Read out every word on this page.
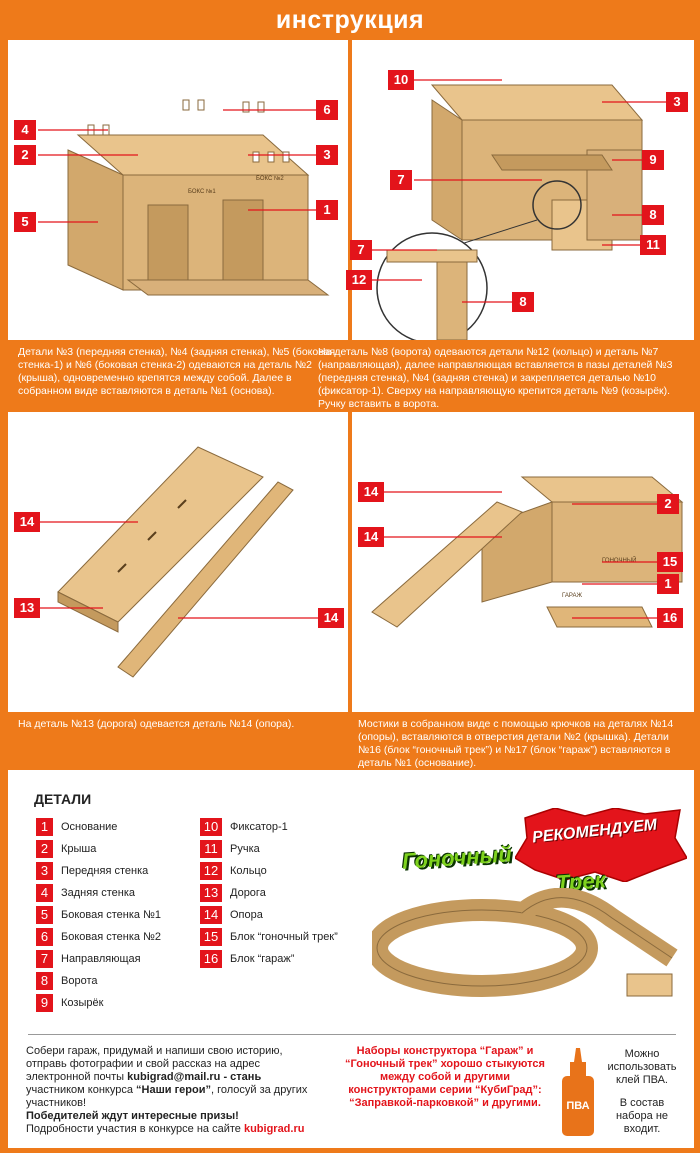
инструкция
БОКС №1
БОКС №2
4
2
5
6
3
1
Детали №3 (передняя стенка), №4 (задняя стенка), №5 (боковая стенка-1) и №6 (боковая стенка-2) одеваются на деталь №2 (крыша), одновременно крепятся между собой. Далее в собранном виде вставляются в деталь №1 (основа).
10
3
7
9
8
11
7
12
8
На деталь №8 (ворота) одеваются детали №12 (кольцо) и деталь №7 (направляющая), далее направляющая вставляется в пазы деталей №3 (передняя стенка), №4 (задняя стенка) и закрепляется деталью №10 (фиксатор-1). Сверху на направляющую крепится деталь №9 (козырёк). Ручку вставить в ворота.
14
13
14
На деталь №13 (дорога) одевается деталь №14 (опора).
ГОНОЧНЫЙ
ГАРАЖ
14
2
14
15
1
16
Мостики в собранном виде с помощью крючков на деталях №14 (опоры), вставляются в отверстия детали №2 (крышка). Детали №16 (блок “гоночный трек”) и №17 (блок “гараж”) вставляются в деталь №1 (основание).
ДЕТАЛИ
1	Основание
2	Крыша
3	Передняя стенка
4	Задняя стенка
5	Боковая стенка №1
6	Боковая стенка №2
7	Направляющая
8	Ворота
9	Козырёк
10	Фиксатор-1
11	Ручка
12	Кольцо
13	Дорога
14	Опора
15	Блок “гоночный трек”
16	Блок “гараж”
РЕКОМЕНДУЕМ
Гоночный
Трек
Собери гараж, придумай и напиши свою историю,
отправь фотографии и свой рассказ на адрес
электронной почты kubigrad@mail.ru - стань
участником конкурса “Наши герои”, голосуй за других
участников!
Победителей ждут интересные призы!
Подробности участия в конкурсе на сайте kubigrad.ru
Наборы конструктора “Гараж” и “Гоночный трек” хорошо стыкуются между собой и другими конструкторами серии “КубиГрад”: “Заправкой-парковкой” и другими.	ПВА
Можно использовать клей ПВА.
В состав набора не входит.
